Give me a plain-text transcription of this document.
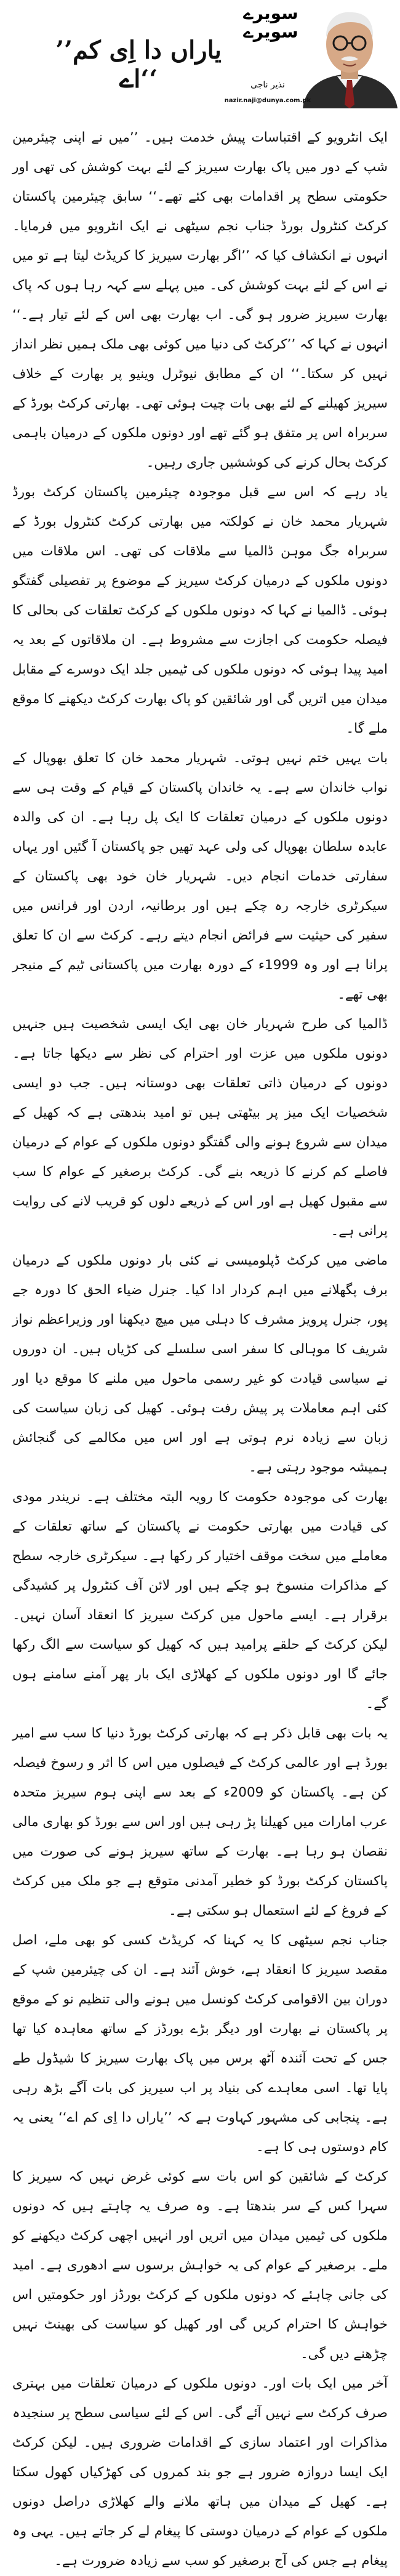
سویرے
سویرے
’’یاراں دا اِی کم اے‘‘	نذیر ناجی
nazir.naji@dunya.com.pk

ایک انٹرویو کے اقتباسات پیش خدمت ہیں۔ ’’میں نے اپنی چیئرمین شپ کے دور میں پاک بھارت سیریز کے لئے بہت کوشش کی تھی اور حکومتی سطح پر اقدامات بھی کئے تھے۔‘‘ سابق چیئرمین پاکستان کرکٹ کنٹرول بورڈ جناب نجم سیٹھی نے ایک انٹرویو میں فرمایا۔ انہوں نے انکشاف کیا کہ ’’اگر بھارت سیریز کا کریڈٹ لیتا ہے تو میں نے اس کے لئے بہت کوشش کی۔ میں پہلے سے کہہ رہا ہوں کہ پاک بھارت سیریز ضرور ہو گی۔ اب بھارت بھی اس کے لئے تیار ہے۔‘‘ انہوں نے کہا کہ ’’کرکٹ کی دنیا میں کوئی بھی ملک ہمیں نظر انداز نہیں کر سکتا۔‘‘ ان کے مطابق نیوٹرل وینیو پر بھارت کے خلاف سیریز کھیلنے کے لئے بھی بات چیت ہوئی تھی۔ بھارتی کرکٹ بورڈ کے سربراہ اس پر متفق ہو گئے تھے اور دونوں ملکوں کے درمیان باہمی کرکٹ بحال کرنے کی کوششیں جاری رہیں۔

یاد رہے کہ اس سے قبل موجودہ چیئرمین پاکستان کرکٹ بورڈ شہریار محمد خان نے کولکتہ میں بھارتی کرکٹ کنٹرول بورڈ کے سربراہ جگ موہن ڈالمیا سے ملاقات کی تھی۔ اس ملاقات میں دونوں ملکوں کے درمیان کرکٹ سیریز کے موضوع پر تفصیلی گفتگو ہوئی۔ ڈالمیا نے کہا کہ دونوں ملکوں کے کرکٹ تعلقات کی بحالی کا فیصلہ حکومت کی اجازت سے مشروط ہے۔ ان ملاقاتوں کے بعد یہ امید پیدا ہوئی کہ دونوں ملکوں کی ٹیمیں جلد ایک دوسرے کے مقابل میدان میں اتریں گی اور شائقین کو پاک بھارت کرکٹ دیکھنے کا موقع ملے گا۔

بات یہیں ختم نہیں ہوتی۔ شہریار محمد خان کا تعلق بھوپال کے نواب خاندان سے ہے۔ یہ خاندان پاکستان کے قیام کے وقت ہی سے دونوں ملکوں کے درمیان تعلقات کا ایک پل رہا ہے۔ ان کی والدہ عابدہ سلطان بھوپال کی ولی عہد تھیں جو پاکستان آ گئیں اور یہاں سفارتی خدمات انجام دیں۔ شہریار خان خود بھی پاکستان کے سیکرٹری خارجہ رہ چکے ہیں اور برطانیہ، اردن اور فرانس میں سفیر کی حیثیت سے فرائض انجام دیتے رہے۔ کرکٹ سے ان کا تعلق پرانا ہے اور وہ 1999ء کے دورہ بھارت میں پاکستانی ٹیم کے منیجر بھی تھے۔

ڈالمیا کی طرح شہریار خان بھی ایک ایسی شخصیت ہیں جنہیں دونوں ملکوں میں عزت اور احترام کی نظر سے دیکھا جاتا ہے۔ دونوں کے درمیان ذاتی تعلقات بھی دوستانہ ہیں۔ جب دو ایسی شخصیات ایک میز پر بیٹھتی ہیں تو امید بندھتی ہے کہ کھیل کے میدان سے شروع ہونے والی گفتگو دونوں ملکوں کے عوام کے درمیان فاصلے کم کرنے کا ذریعہ بنے گی۔ کرکٹ برصغیر کے عوام کا سب سے مقبول کھیل ہے اور اس کے ذریعے دلوں کو قریب لانے کی روایت پرانی ہے۔

ماضی میں کرکٹ ڈپلومیسی نے کئی بار دونوں ملکوں کے درمیان برف پگھلانے میں اہم کردار ادا کیا۔ جنرل ضیاء الحق کا دورہ جے پور، جنرل پرویز مشرف کا دہلی میں میچ دیکھنا اور وزیراعظم نواز شریف کا موہالی کا سفر اسی سلسلے کی کڑیاں ہیں۔ ان دوروں نے سیاسی قیادت کو غیر رسمی ماحول میں ملنے کا موقع دیا اور کئی اہم معاملات پر پیش رفت ہوئی۔ کھیل کی زبان سیاست کی زبان سے زیادہ نرم ہوتی ہے اور اس میں مکالمے کی گنجائش ہمیشہ موجود رہتی ہے۔

بھارت کی موجودہ حکومت کا رویہ البتہ مختلف ہے۔ نریندر مودی کی قیادت میں بھارتی حکومت نے پاکستان کے ساتھ تعلقات کے معاملے میں سخت موقف اختیار کر رکھا ہے۔ سیکرٹری خارجہ سطح کے مذاکرات منسوخ ہو چکے ہیں اور لائن آف کنٹرول پر کشیدگی برقرار ہے۔ ایسے ماحول میں کرکٹ سیریز کا انعقاد آسان نہیں۔ لیکن کرکٹ کے حلقے پرامید ہیں کہ کھیل کو سیاست سے الگ رکھا جائے گا اور دونوں ملکوں کے کھلاڑی ایک بار پھر آمنے سامنے ہوں گے۔

یہ بات بھی قابل ذکر ہے کہ بھارتی کرکٹ بورڈ دنیا کا سب سے امیر بورڈ ہے اور عالمی کرکٹ کے فیصلوں میں اس کا اثر و رسوخ فیصلہ کن ہے۔ پاکستان کو 2009ء کے بعد سے اپنی ہوم سیریز متحدہ عرب امارات میں کھیلنا پڑ رہی ہیں اور اس سے بورڈ کو بھاری مالی نقصان ہو رہا ہے۔ بھارت کے ساتھ سیریز ہونے کی صورت میں پاکستان کرکٹ بورڈ کو خطیر آمدنی متوقع ہے جو ملک میں کرکٹ کے فروغ کے لئے استعمال ہو سکتی ہے۔

جناب نجم سیٹھی کا یہ کہنا کہ کریڈٹ کسی کو بھی ملے، اصل مقصد سیریز کا انعقاد ہے، خوش آئند ہے۔ ان کی چیئرمین شپ کے دوران بین الاقوامی کرکٹ کونسل میں ہونے والی تنظیم نو کے موقع پر پاکستان نے بھارت اور دیگر بڑے بورڈز کے ساتھ معاہدہ کیا تھا جس کے تحت آئندہ آٹھ برس میں پاک بھارت سیریز کا شیڈول طے پایا تھا۔ اسی معاہدے کی بنیاد پر اب سیریز کی بات آگے بڑھ رہی ہے۔ پنجابی کی مشہور کہاوت ہے کہ ’’یاراں دا اِی کم اے‘‘ یعنی یہ کام دوستوں ہی کا ہے۔

کرکٹ کے شائقین کو اس بات سے کوئی غرض نہیں کہ سیریز کا سہرا کس کے سر بندھتا ہے۔ وہ صرف یہ چاہتے ہیں کہ دونوں ملکوں کی ٹیمیں میدان میں اتریں اور انہیں اچھی کرکٹ دیکھنے کو ملے۔ برصغیر کے عوام کی یہ خواہش برسوں سے ادھوری ہے۔ امید کی جانی چاہئے کہ دونوں ملکوں کے کرکٹ بورڈز اور حکومتیں اس خواہش کا احترام کریں گی اور کھیل کو سیاست کی بھینٹ نہیں چڑھنے دیں گی۔

آخر میں ایک بات اور۔ دونوں ملکوں کے درمیان تعلقات میں بہتری صرف کرکٹ سے نہیں آئے گی۔ اس کے لئے سیاسی سطح پر سنجیدہ مذاکرات اور اعتماد سازی کے اقدامات ضروری ہیں۔ لیکن کرکٹ ایک ایسا دروازہ ضرور ہے جو بند کمروں کی کھڑکیاں کھول سکتا ہے۔ کھیل کے میدان میں ہاتھ ملانے والے کھلاڑی دراصل دونوں ملکوں کے عوام کے درمیان دوستی کا پیغام لے کر جاتے ہیں۔ یہی وہ پیغام ہے جس کی آج برصغیر کو سب سے زیادہ ضرورت ہے۔
